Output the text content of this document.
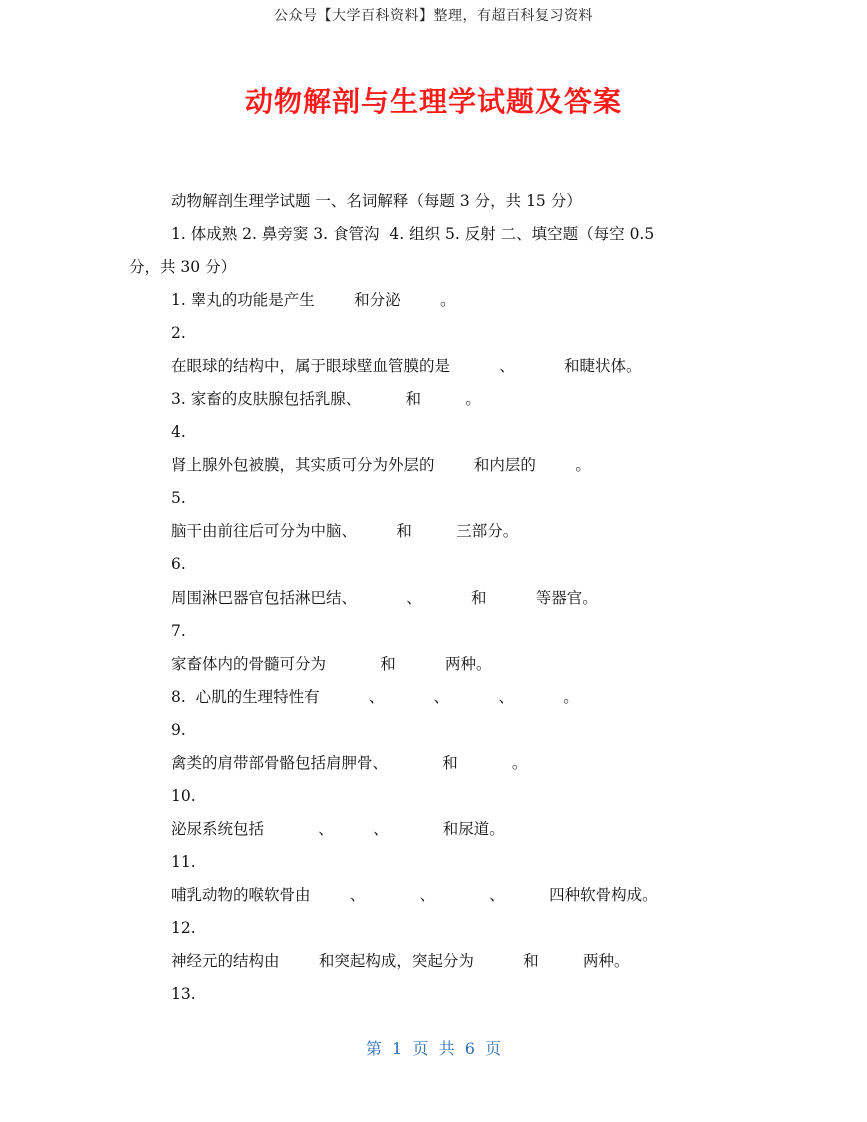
公众号【大学百科资料】整理，有超百科复习资料
动物解剖与生理学试题及答案
动物解剖生理学试题 一、名词解释（每题 3 分，共 15 分）
1. 体成熟 2. 鼻旁窦 3. 食管沟  4. 组织 5. 反射 二、填空题（每空 0.5
分，共 30 分）
1. 睾丸的功能是产生        和分泌        。
2.
在眼球的结构中，属于眼球壁血管膜的是          、          和睫状体。
3. 家畜的皮肤腺包括乳腺、         和         。
4.
肾上腺外包被膜，其实质可分为外层的        和内层的        。
5.
脑干由前往后可分为中脑、        和         三部分。
6.
周围淋巴器官包括淋巴结、          、          和          等器官。
7.
家畜体内的骨髓可分为           和          两种。
8.  心肌的生理特性有          、          、          、          。
9.
禽类的肩带部骨骼包括肩胛骨、           和           。
10.
泌尿系统包括           、        、           和尿道。
11.
哺乳动物的喉软骨由        、           、           、         四种软骨构成。
12.
神经元的结构由        和突起构成，突起分为          和         两种。
13.
第  1  页  共  6  页
